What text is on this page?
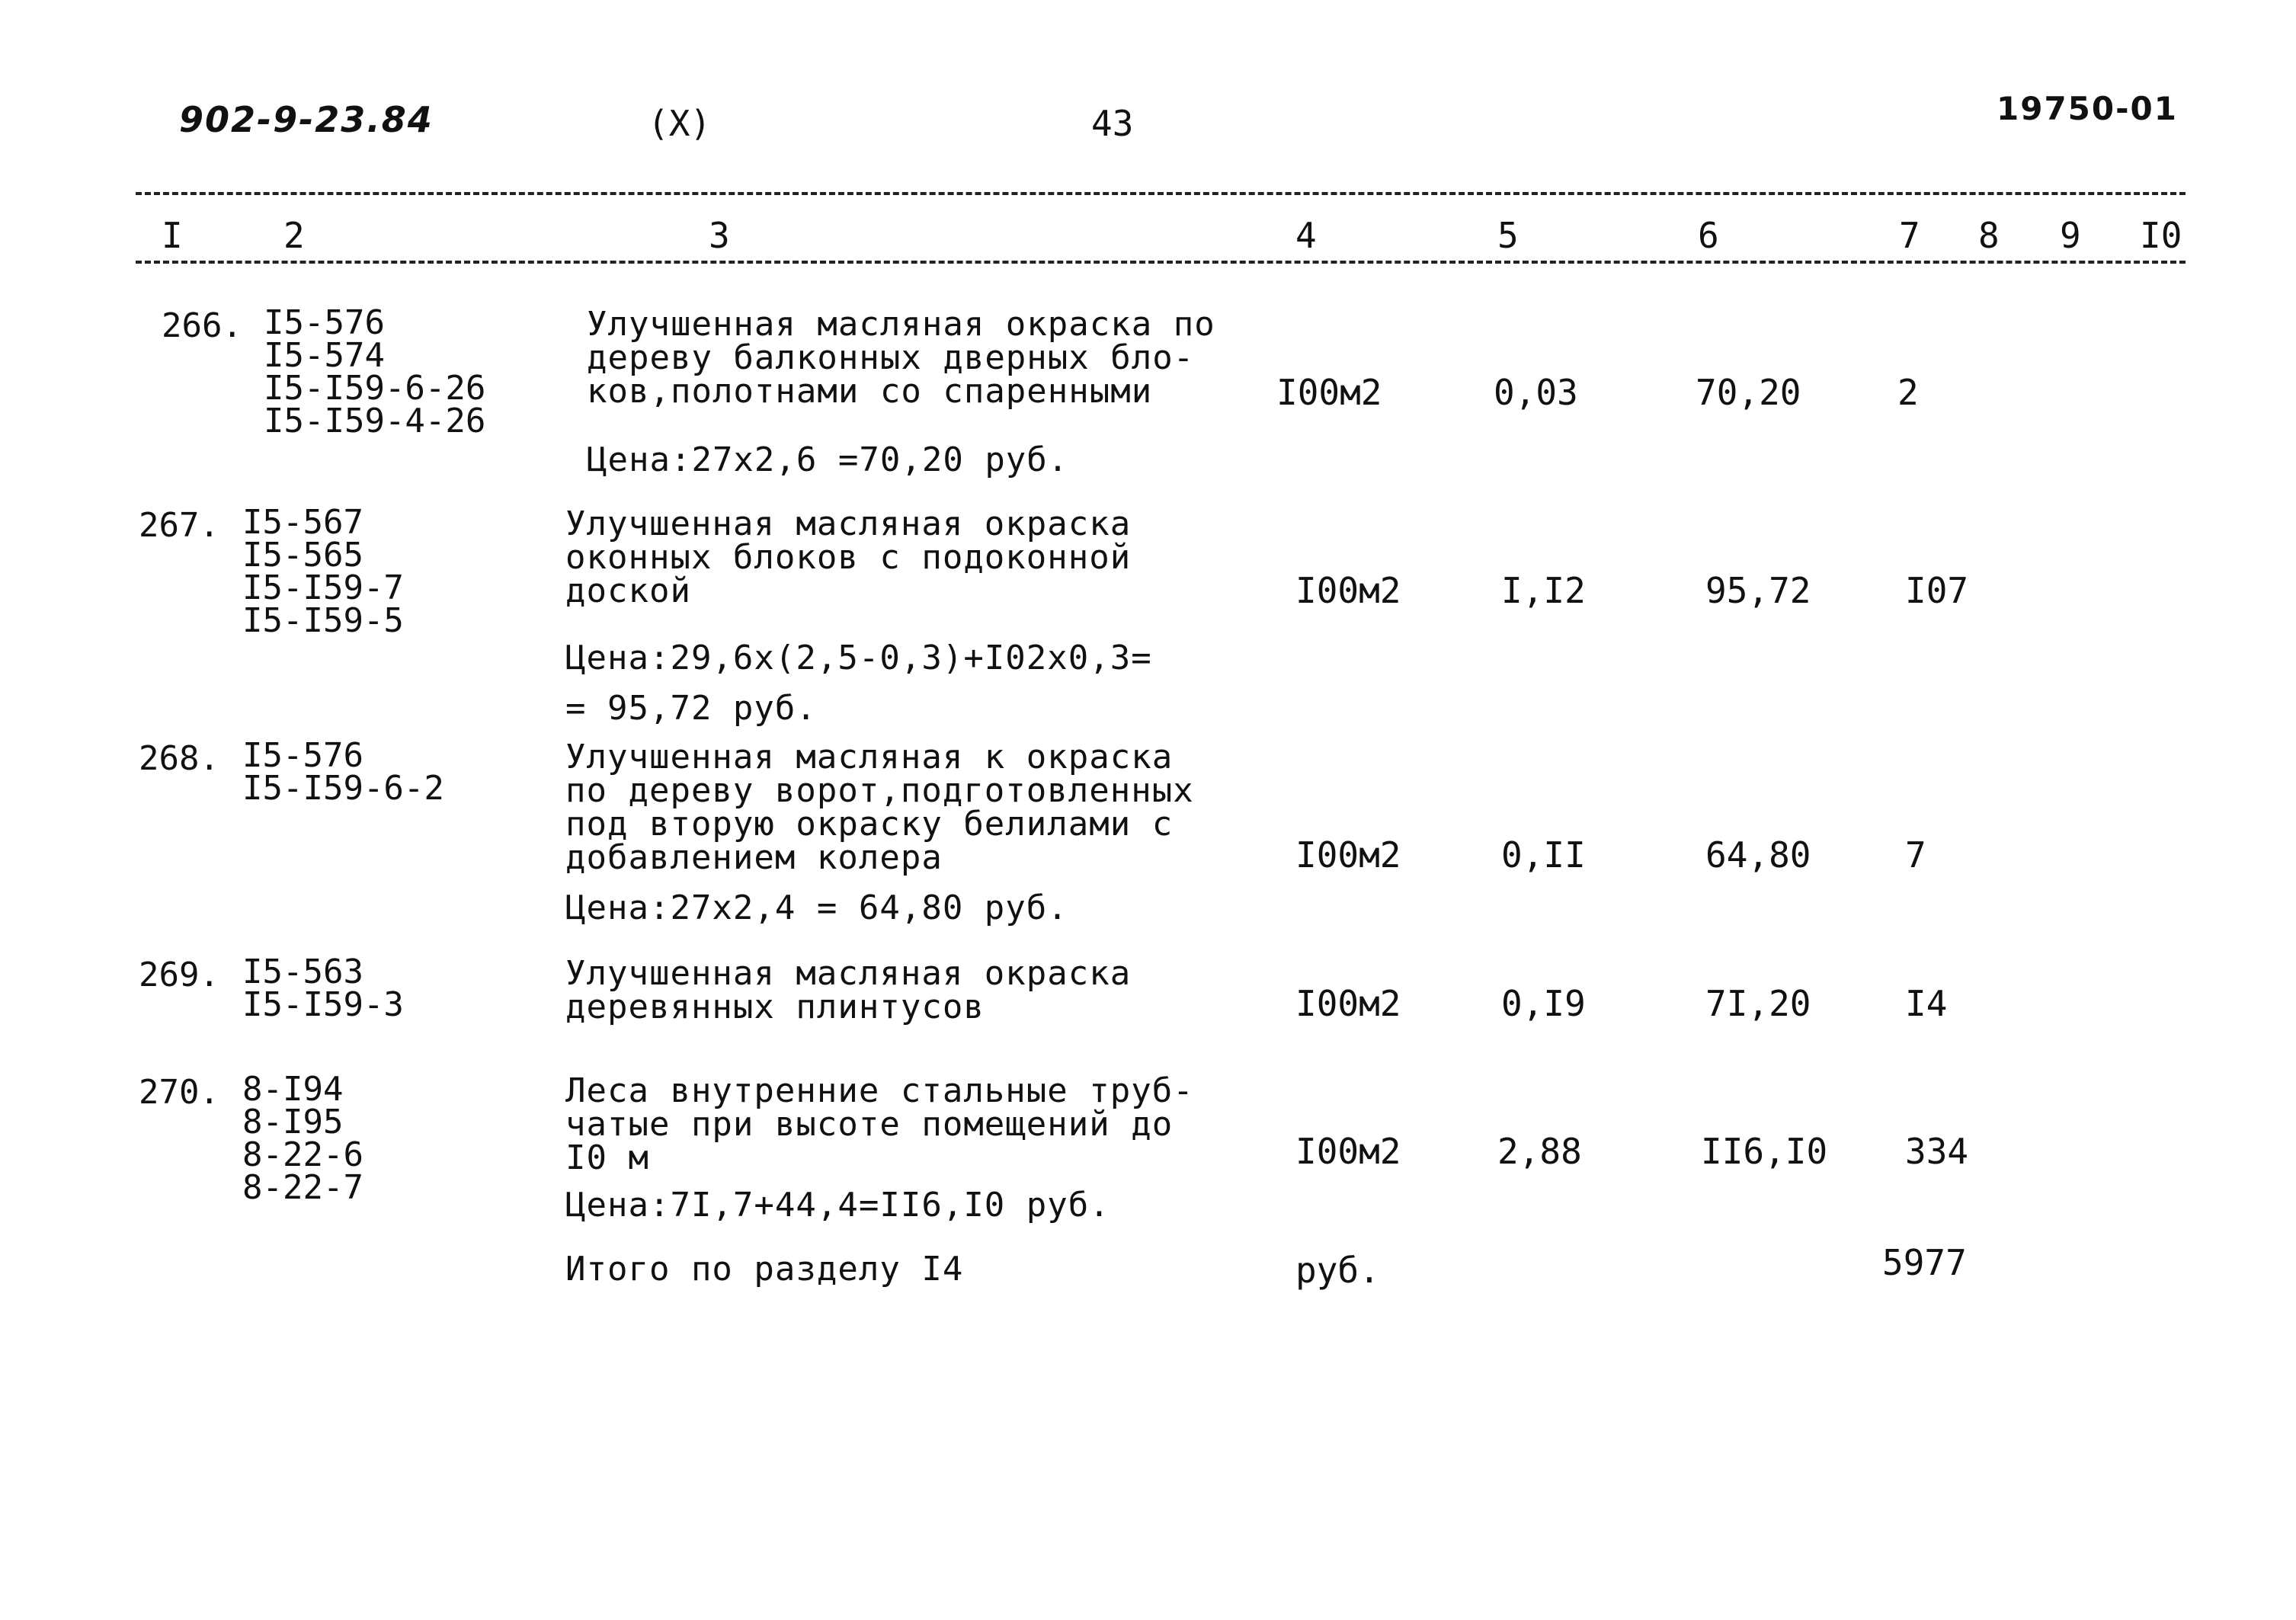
902-9-23.84	(X)	43	19750-01
I	2	3	4	5	6	7 8 9 I0
266. I5-576
I5-574
I5-I59-6-26
I5-I59-4-26
Улучшенная масляная окраска по
дереву балконных дверных бло-
ков,полотнами со спаренными
Цена:27х2,6 =70,20 руб.
I00м2	0,03	70,20	2
267. I5-567
I5-565
I5-I59-7
I5-I59-5
Улучшенная масляная окраска
оконных блоков с подоконной
доской
Цена:29,6х(2,5-0,3)+I02х0,3=
= 95,72 руб.
I00м2	I,I2	95,72	I07
268. I5-576
I5-I59-6-2
Улучшенная масляная к окраска
по дереву ворот,подготовленных
под вторую окраску белилами с
добавлением колера
Цена:27х2,4 = 64,80 руб.
I00м2	0,II	64,80	7
269. I5-563
I5-I59-3
Улучшенная масляная окраска
деревянных плинтусов	I00м2	0,I9	7I,20	I4
270. 8-I94
8-I95
8-22-6
8-22-7
Леса внутренние стальные труб-
чатые при высоте помещений до
I0 м
Цена:7I,7+44,4=II6,I0 руб.
I00м2	2,88	II6,I0 334
Итого по разделу I4	руб.	5977
